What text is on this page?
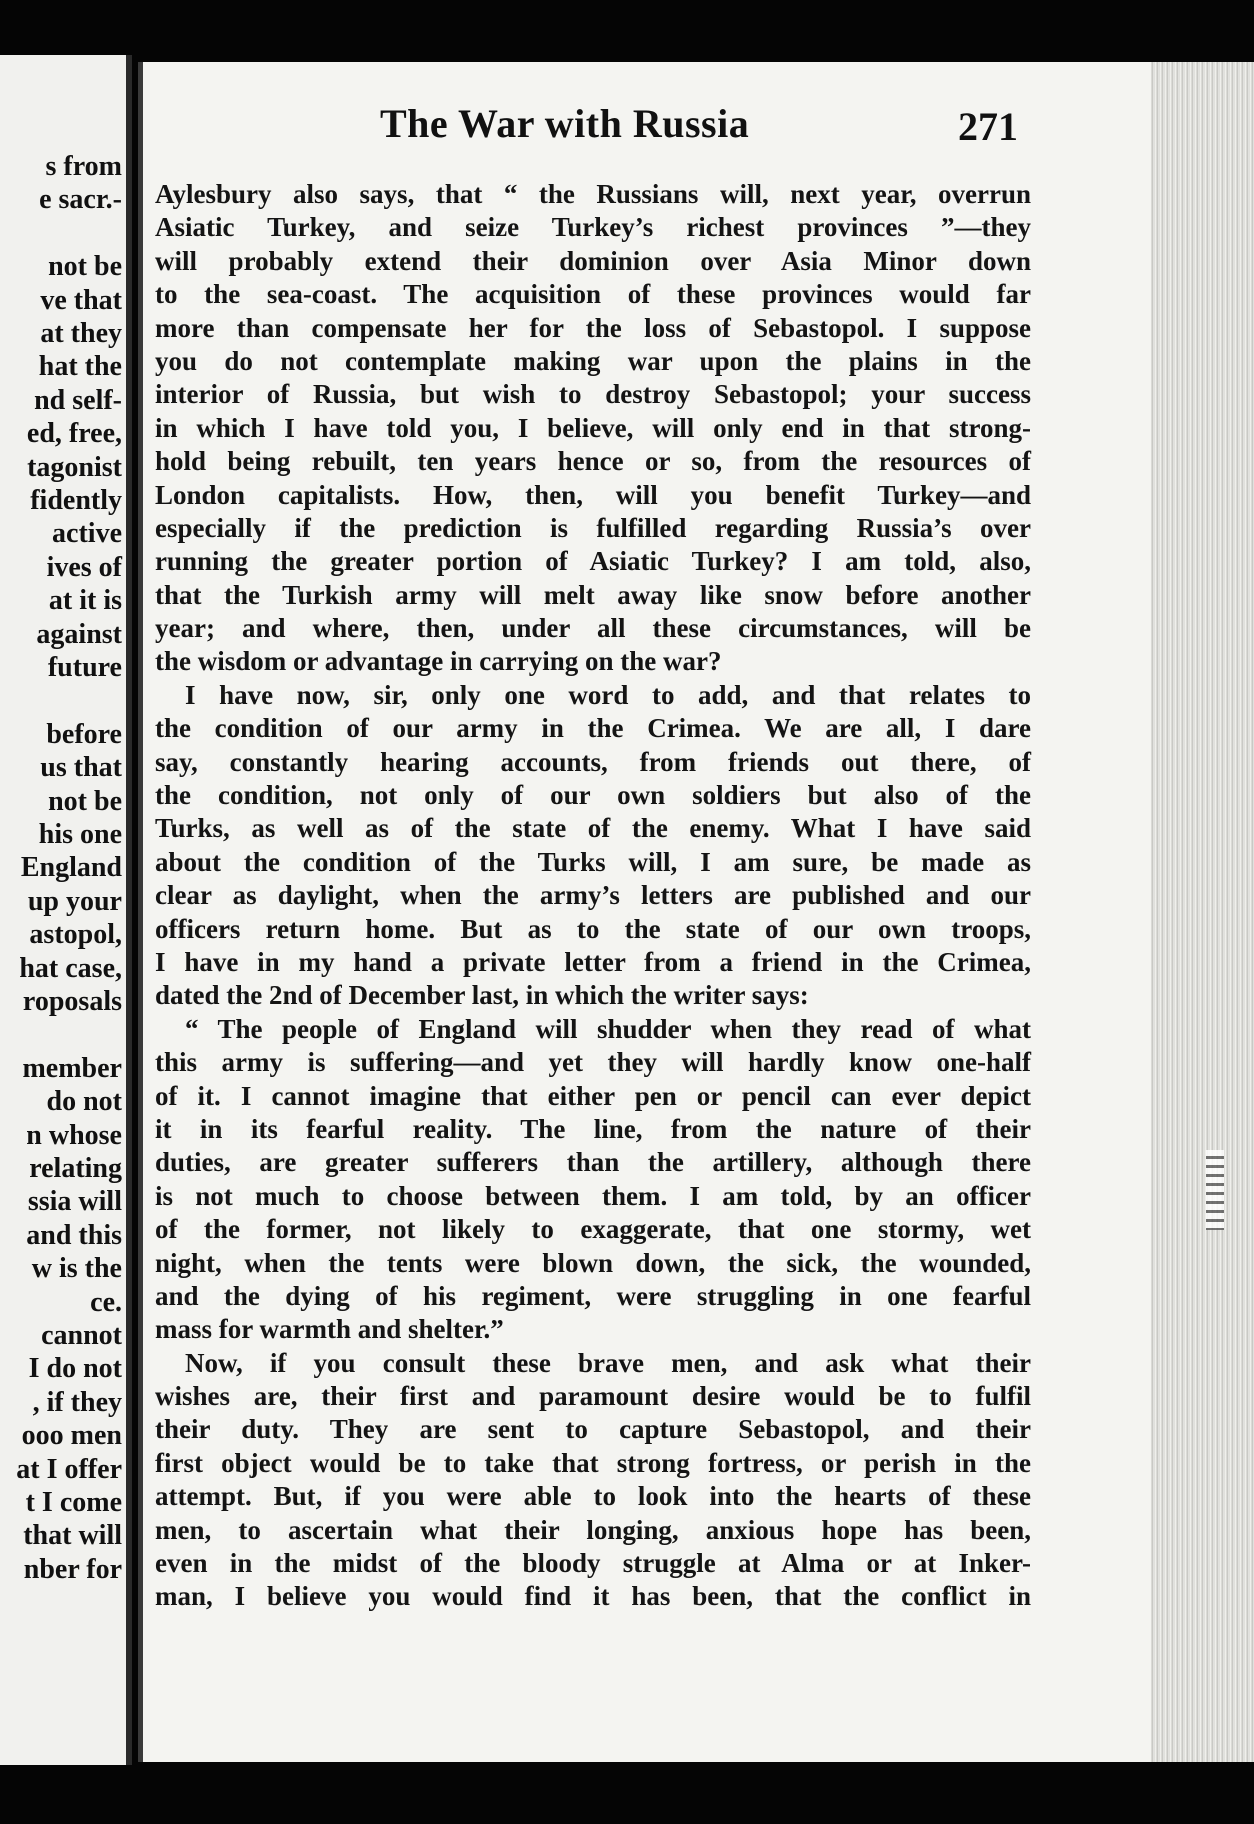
s from
e sacr.-
not be
ve that
at they
hat the
nd self-
ed, free,
tagonist
fidently
active
ives of
at it is
against
future
before
us that
not be
his one
England
up your
astopol,
hat case,
roposals
member
do not
n whose
relating
ssia will
and this
w is the
ce.
cannot
I do not
, if they
ooo men
at I offer
t I come
that will
nber for
The War with Russia	271
Aylesbury also says, that “ the Russians will, next year, overrun
Asiatic Turkey, and seize Turkey’s richest provinces ”—they
will probably extend their dominion over Asia Minor down
to the sea-coast. The acquisition of these provinces would far
more than compensate her for the loss of Sebastopol. I suppose
you do not contemplate making war upon the plains in the
interior of Russia, but wish to destroy Sebastopol; your success
in which I have told you, I believe, will only end in that strong-
hold being rebuilt, ten years hence or so, from the resources of
London capitalists. How, then, will you benefit Turkey—and
especially if the prediction is fulfilled regarding Russia’s over
running the greater portion of Asiatic Turkey? I am told, also,
that the Turkish army will melt away like snow before another
year; and where, then, under all these circumstances, will be
the wisdom or advantage in carrying on the war?
I have now, sir, only one word to add, and that relates to
the condition of our army in the Crimea. We are all, I dare
say, constantly hearing accounts, from friends out there, of
the condition, not only of our own soldiers but also of the
Turks, as well as of the state of the enemy. What I have said
about the condition of the Turks will, I am sure, be made as
clear as daylight, when the army’s letters are published and our
officers return home. But as to the state of our own troops,
I have in my hand a private letter from a friend in the Crimea,
dated the 2nd of December last, in which the writer says:
“ The people of England will shudder when they read of what
this army is suffering—and yet they will hardly know one-half
of it. I cannot imagine that either pen or pencil can ever depict
it in its fearful reality. The line, from the nature of their
duties, are greater sufferers than the artillery, although there
is not much to choose between them. I am told, by an officer
of the former, not likely to exaggerate, that one stormy, wet
night, when the tents were blown down, the sick, the wounded,
and the dying of his regiment, were struggling in one fearful
mass for warmth and shelter.”
Now, if you consult these brave men, and ask what their
wishes are, their first and paramount desire would be to fulfil
their duty. They are sent to capture Sebastopol, and their
first object would be to take that strong fortress, or perish in the
attempt. But, if you were able to look into the hearts of these
men, to ascertain what their longing, anxious hope has been,
even in the midst of the bloody struggle at Alma or at Inker-
man, I believe you would find it has been, that the conflict in
